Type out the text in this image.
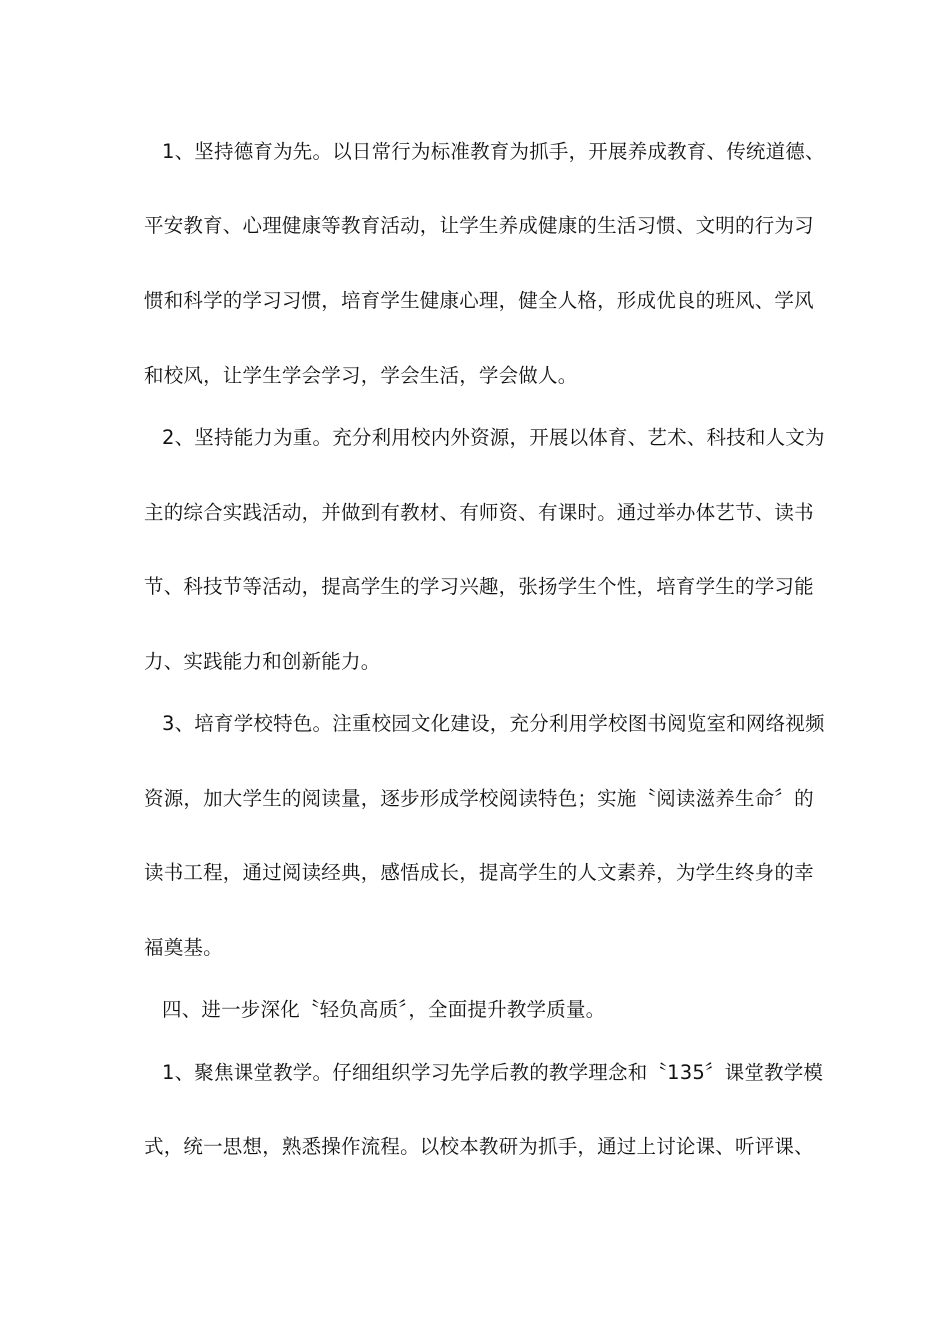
1、坚持德育为先。以日常行为标准教育为抓手，开展养成教育、传统道德、
平安教育、心理健康等教育活动，让学生养成健康的生活习惯、文明的行为习
惯和科学的学习习惯，培育学生健康心理，健全人格，形成优良的班风、学风
和校风，让学生学会学习，学会生活，学会做人。
2、坚持能力为重。充分利用校内外资源，开展以体育、艺术、科技和人文为
主的综合实践活动，并做到有教材、有师资、有课时。通过举办体艺节、读书
节、科技节等活动，提高学生的学习兴趣，张扬学生个性，培育学生的学习能
力、实践能力和创新能力。
3、培育学校特色。注重校园文化建设，充分利用学校图书阅览室和网络视频
资源，加大学生的阅读量，逐步形成学校阅读特色；实施〝阅读滋养生命〞的
读书工程，通过阅读经典，感悟成长，提高学生的人文素养，为学生终身的幸
福奠基。
四、进一步深化〝轻负高质〞，全面提升教学质量。
1、聚焦课堂教学。仔细组织学习先学后教的教学理念和〝135〞课堂教学模
式，统一思想，熟悉操作流程。以校本教研为抓手，通过上讨论课、听评课、
